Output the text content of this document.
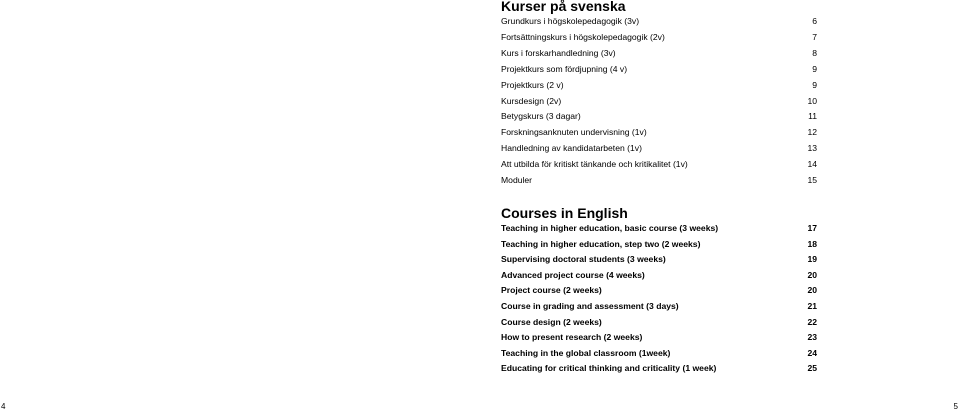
Kurser på svenska
Grundkurs i högskolepedagogik (3v)	6
Fortsättningskurs i högskolepedagogik (2v)	7
Kurs i forskarhandledning (3v)	8
Projektkurs som fördjupning (4 v)	9
Projektkurs (2 v)	9
Kursdesign (2v)	10
Betygskurs (3 dagar)	11
Forskningsanknuten undervisning (1v)	12
Handledning av kandidatarbeten (1v)	13
Att utbilda för kritiskt tänkande och kritikalitet (1v)	14
Moduler	15
Courses in English
Teaching in higher education, basic course (3 weeks)	17
Teaching in higher education, step two (2 weeks)	18
Supervising doctoral students (3 weeks)	19
Advanced project course (4 weeks)	20
Project course (2 weeks)	20
Course in grading and assessment (3 days)	21
Course design (2 weeks)	22
How to present research (2 weeks)	23
Teaching in the global classroom (1week)	24
Educating for critical thinking and criticality (1 week)	25
4	5
